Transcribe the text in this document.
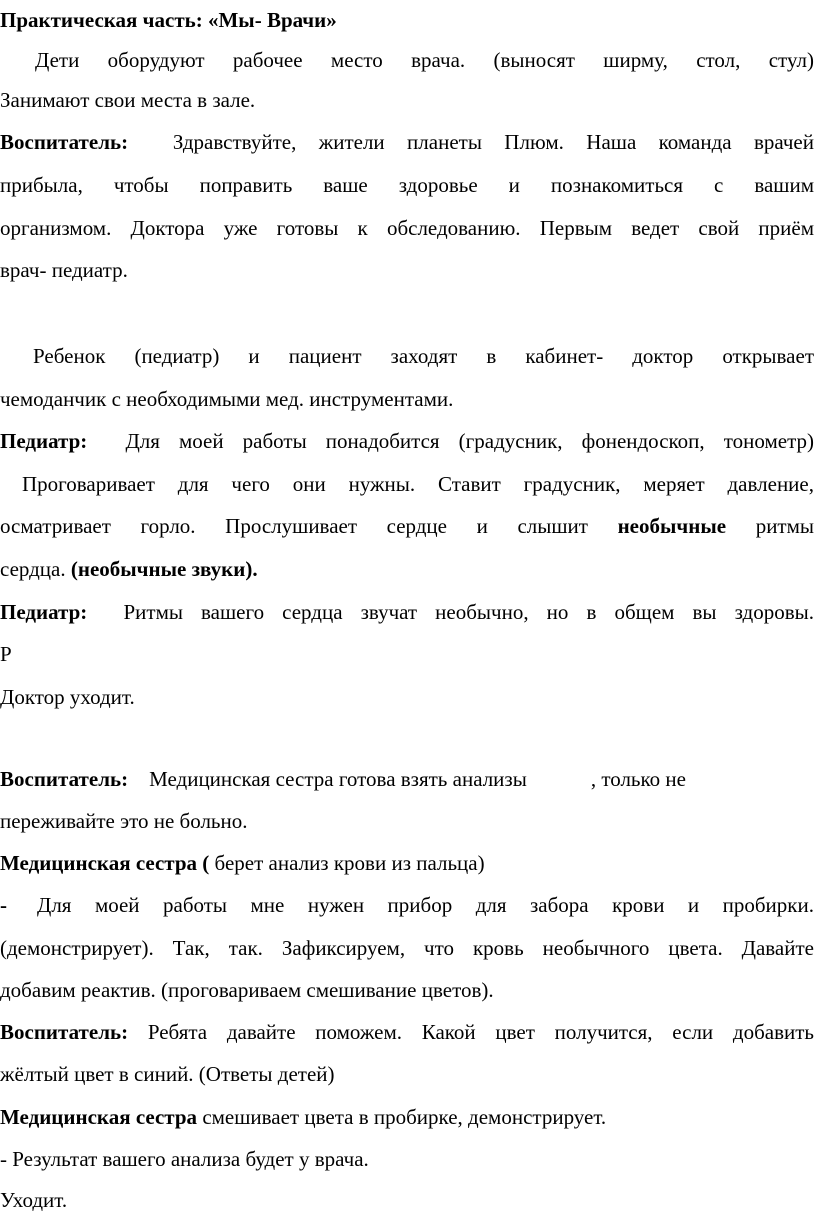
Практическая часть: «Мы- Врачи»
Дети оборудуют рабочее место врача. (выносят ширму, стол, стул)
Занимают свои места в зале.
Воспитатель: Здравствуйте, жители планеты Плюм. Наша команда врачей
прибыла, чтобы поправить ваше здоровье и познакомиться с вашим
организмом. Доктора уже готовы к обследованию. Первым ведет свой приём
врач- педиатр.
Ребенок (педиатр) и пациент заходят в кабинет- доктор открывает
чемоданчик с необходимыми мед. инструментами.
Педиатр: Для моей работы понадобится (градусник, фонендоскоп, тонометр)
Проговаривает для чего они нужны. Ставит градусник, меряет давление,
осматривает горло. Прослушивает сердце и слышит необычные ритмы
сердца. (необычные звуки).
Педиатр: Ритмы вашего сердца звучат необычно, но в общем вы здоровы.
Р
Доктор уходит.
Воспитатель: Медицинская сестра готова взять анализы	, только не
переживайте это не больно.
Медицинская сестра ( берет анализ крови из пальца)
- Для моей работы мне нужен прибор для забора крови и пробирки.
(демонстрирует). Так, так. Зафиксируем, что кровь необычного цвета. Давайте
добавим реактив. (проговариваем смешивание цветов).
Воспитатель: Ребята давайте поможем. Какой цвет получится, если добавить
жёлтый цвет в синий. (Ответы детей)
Медицинская сестра смешивает цвета в пробирке, демонстрирует.
- Результат вашего анализа будет у врача.
Уходит.
